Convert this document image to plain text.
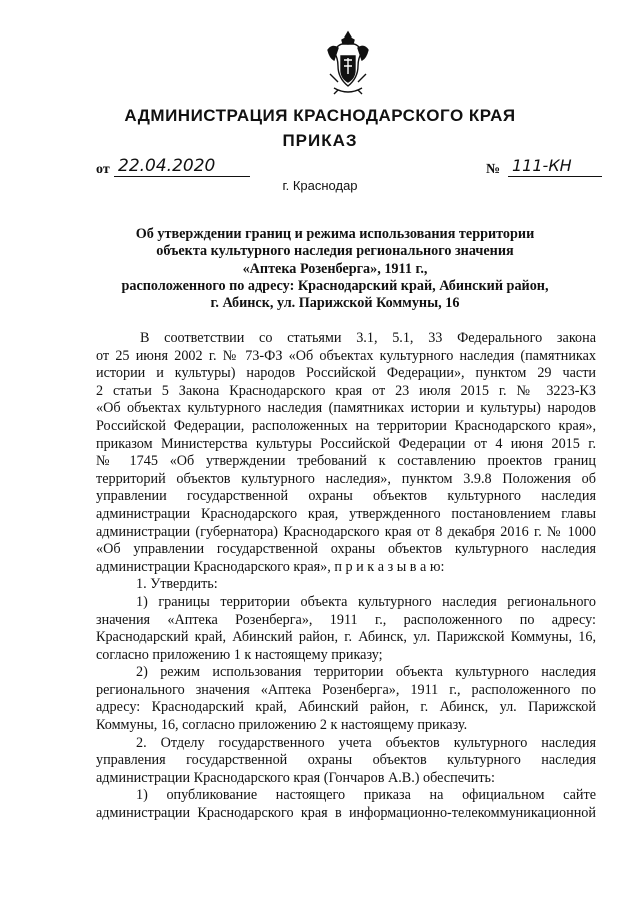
АДМИНИСТРАЦИЯ КРАСНОДАРСКОГО КРАЯ
ПРИКАЗ
от 22.04.2020	№ 111-КН
г. Краснодар
Об утверждении границ и режима использования территории
объекта культурного наследия регионального значения
«Аптека Розенберга», 1911 г.,
расположенного по адресу: Краснодарский край, Абинский район,
г. Абинск, ул. Парижской Коммуны, 16
В соответствии со статьями 3.1, 5.1, 33 Федерального закона
от 25 июня 2002 г. № 73-ФЗ «Об объектах культурного наследия (памятниках
истории и культуры) народов Российской Федерации», пунктом 29 части
2 статьи 5 Закона Краснодарского края от 23 июля 2015 г. № 3223-КЗ
«Об объектах культурного наследия (памятниках истории и культуры) народов
Российской Федерации, расположенных на территории Краснодарского края»,
приказом Министерства культуры Российской Федерации от 4 июня 2015 г.
№ 1745 «Об утверждении требований к составлению проектов границ
территорий объектов культурного наследия», пунктом 3.9.8 Положения об
управлении государственной охраны объектов культурного наследия
администрации Краснодарского края, утвержденного постановлением главы
администрации (губернатора) Краснодарского края от 8 декабря 2016 г. № 1000
«Об управлении государственной охраны объектов культурного наследия
администрации Краснодарского края», п р и к а з ы в а ю:
1. Утвердить:
1) границы территории объекта культурного наследия регионального
значения «Аптека Розенберга», 1911 г., расположенного по адресу:
Краснодарский край, Абинский район, г. Абинск, ул. Парижской Коммуны, 16,
согласно приложению 1 к настоящему приказу;
2) режим использования территории объекта культурного наследия
регионального значения «Аптека Розенберга», 1911 г., расположенного по
адресу: Краснодарский край, Абинский район, г. Абинск, ул. Парижской
Коммуны, 16, согласно приложению 2 к настоящему приказу.
2. Отделу государственного учета объектов культурного наследия
управления государственной охраны объектов культурного наследия
администрации Краснодарского края (Гончаров А.В.) обеспечить:
1) опубликование настоящего приказа на официальном сайте
администрации Краснодарского края в информационно-телекоммуникационной
